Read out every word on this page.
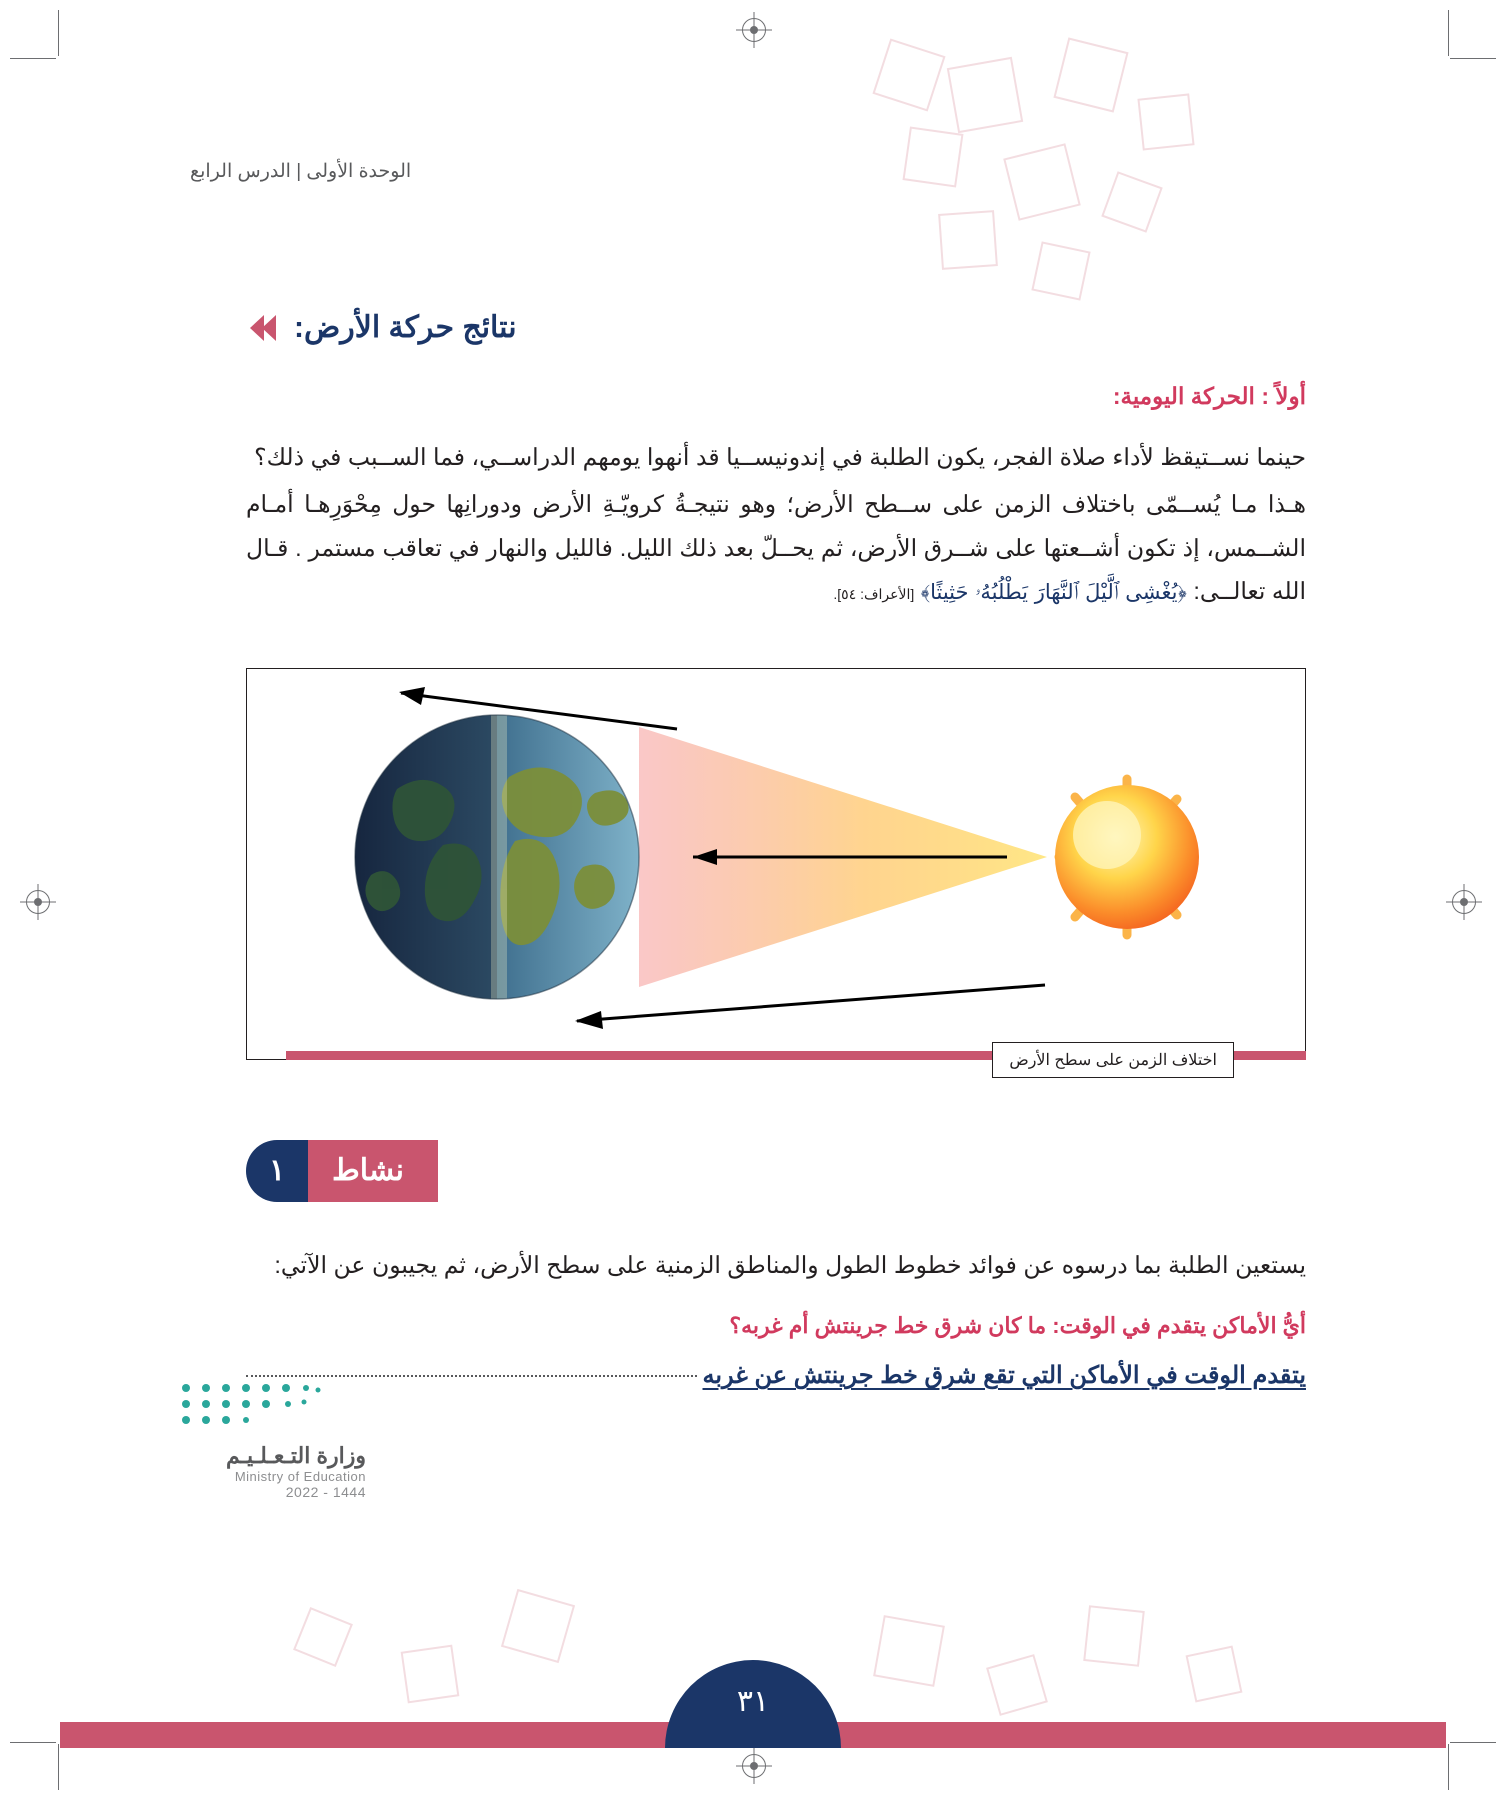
الوحدة الأولى | الدرس الرابع
نتائج حركة الأرض:
أولاً : الحركة اليومية:

حينما نســتيقظ لأداء صلاة الفجر، يكون الطلبة في إندونيســيا قد أنهوا يومهم الدراســي، فما الســبب في ذلك؟

هـذا مـا يُســمّى باختلاف الزمن على ســطح الأرض؛ وهو نتيجـةُ كرويّـةِ الأرض ودورانِها حول مِحْوَرِهـا أمـام الشــمس، إذ تكون أشــعتها على شــرق الأرض، ثم يحــلّ بعد ذلك الليل. فالليل والنهار في تعاقب مستمر . قـال الله تعالــى: ﴿يُغْشِى ٱلَّيْلَ ٱلنَّهَارَ يَطْلُبُهُۥ حَثِيثًا﴾ [الأعراف: ٥٤].

اختلاف الزمن على سطح الأرض
نشاط
١

يستعين الطلبة بما درسوه عن فوائد خطوط الطول والمناطق الزمنية على سطح الأرض، ثم يجيبون عن الآتي:

أيُّ الأماكن يتقدم في الوقت: ما كان شرق خط جرينتش أم غربه؟

يتقدم الوقت في الأماكن التي تقع شرق خط جرينتش عن غربه
وزارة التـعـلـيـم
Ministry of Education
2022 - 1444
٣١
